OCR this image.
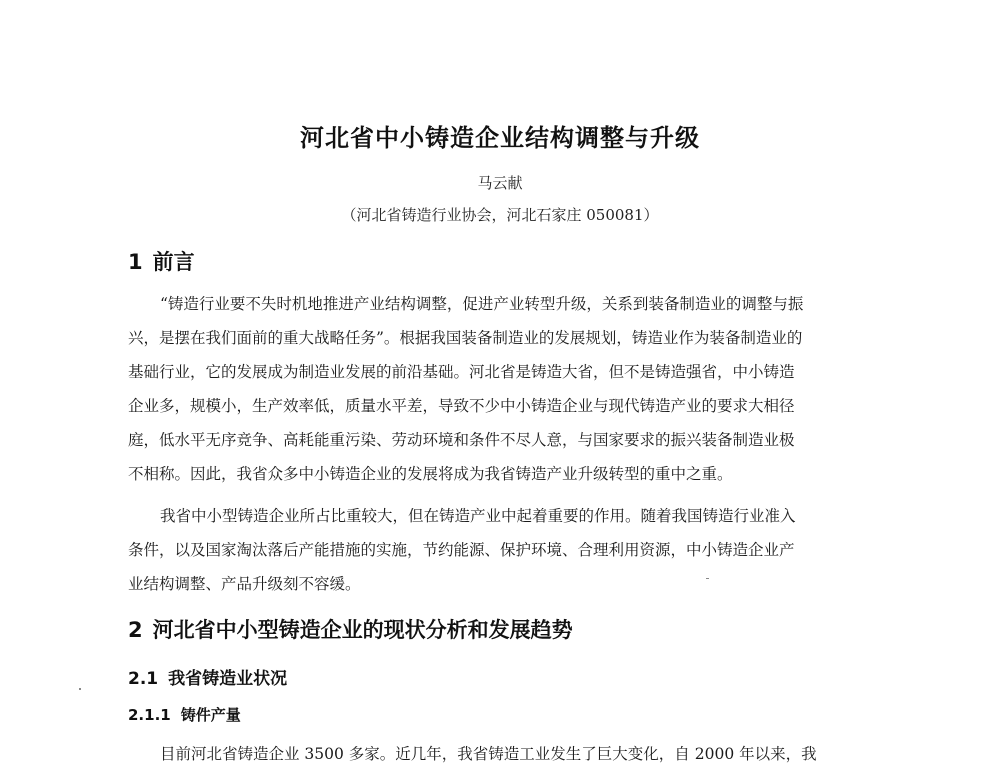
河北省中小铸造企业结构调整与升级
马云献
（河北省铸造行业协会，河北石家庄 050081）
1 前言
“铸造行业要不失时机地推进产业结构调整，促进产业转型升级，关系到装备制造业的调整与振
兴，是摆在我们面前的重大战略任务”。根据我国装备制造业的发展规划，铸造业作为装备制造业的
基础行业，它的发展成为制造业发展的前沿基础。河北省是铸造大省，但不是铸造强省，中小铸造
企业多，规模小，生产效率低，质量水平差，导致不少中小铸造企业与现代铸造产业的要求大相径
庭，低水平无序竞争、高耗能重污染、劳动环境和条件不尽人意，与国家要求的振兴装备制造业极
不相称。因此，我省众多中小铸造企业的发展将成为我省铸造产业升级转型的重中之重。
我省中小型铸造企业所占比重较大，但在铸造产业中起着重要的作用。随着我国铸造行业准入
条件，以及国家淘汰落后产能措施的实施，节约能源、保护环境、合理利用资源，中小铸造企业产
业结构调整、产品升级刻不容缓。
2 河北省中小型铸造企业的现状分析和发展趋势
2.1 我省铸造业状况
2.1.1 铸件产量
目前河北省铸造企业 3500 多家。近几年，我省铸造工业发生了巨大变化，自 2000 年以来，我
